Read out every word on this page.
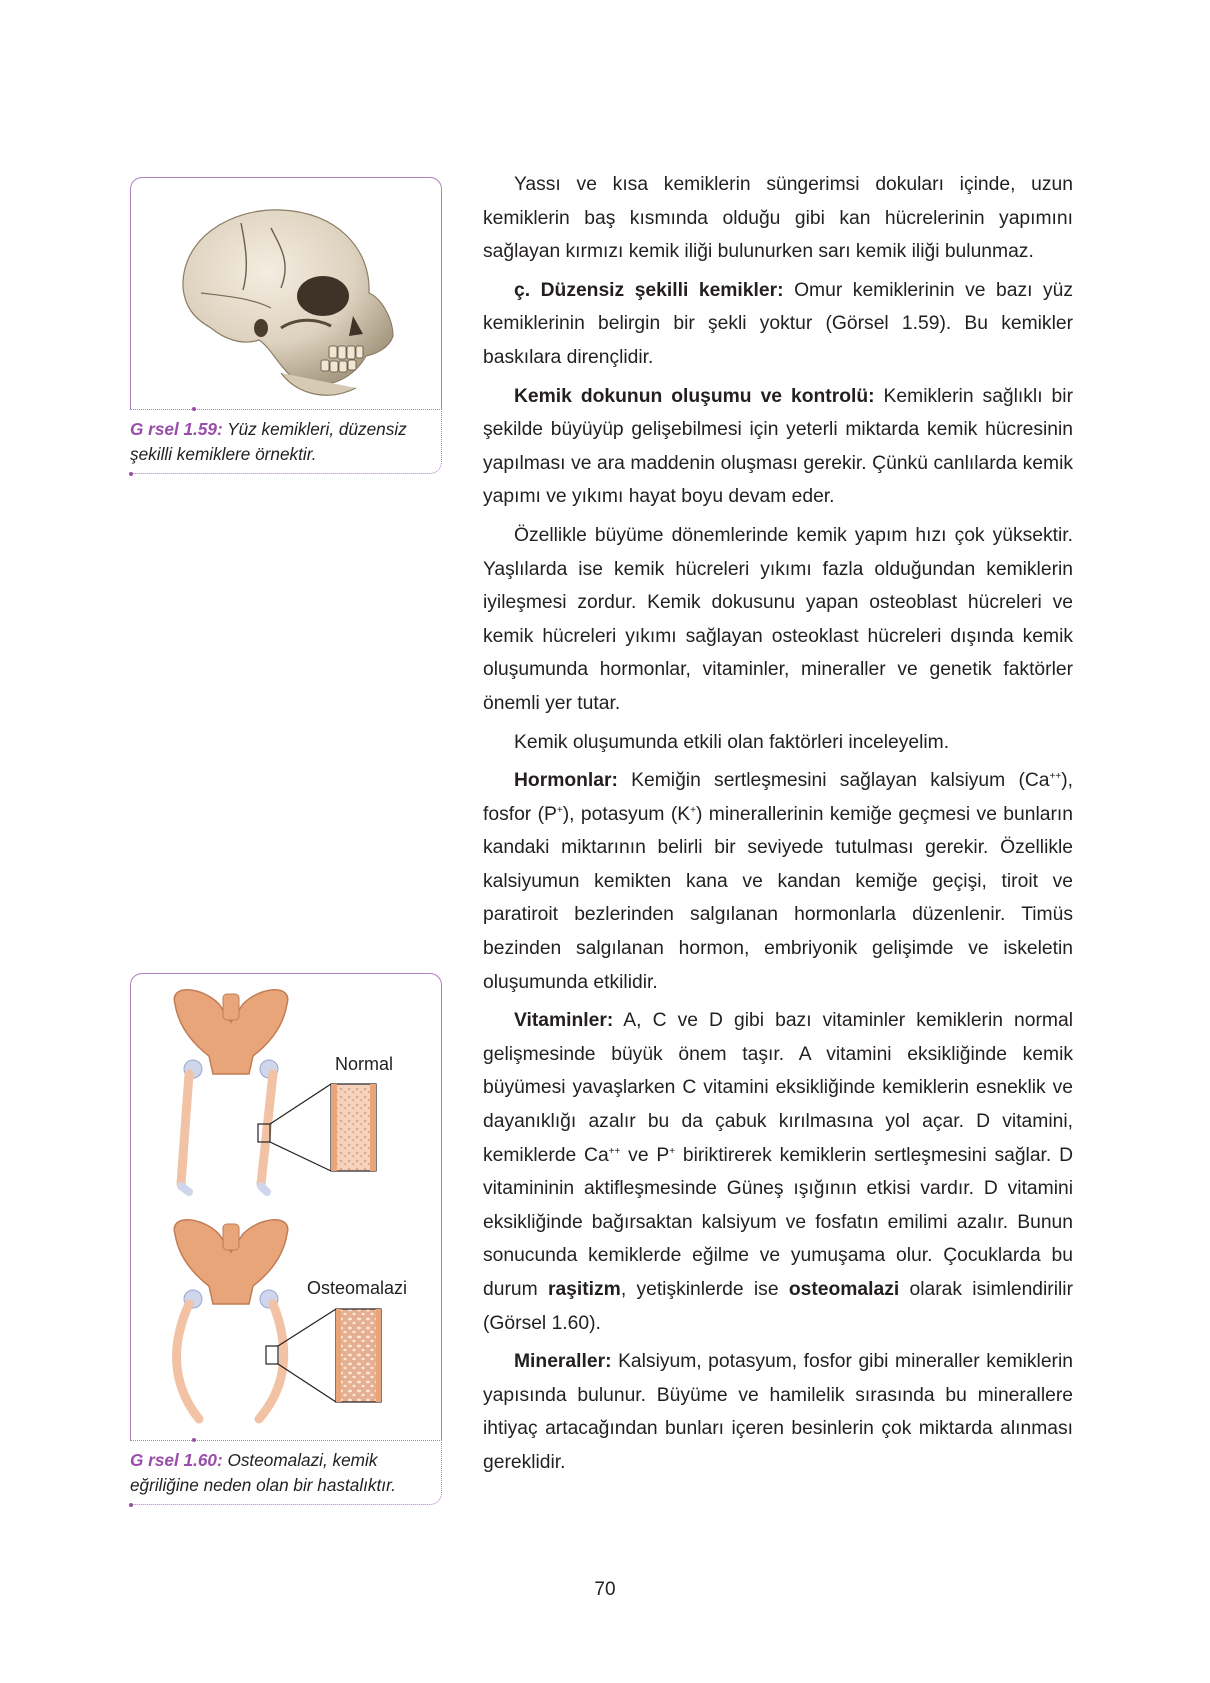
G rsel 1.59: Yüz kemikleri, düzensiz şekilli kemiklere örnektir.
Normal
Osteomalazi
G rsel 1.60: Osteomalazi, kemik eğriliğine neden olan bir hastalıktır.

Yassı ve kısa kemiklerin süngerimsi dokuları içinde, uzun kemiklerin baş kısmında olduğu gibi kan hücrelerinin yapımını sağlayan kırmızı kemik iliği bulunurken sarı kemik iliği bulunmaz.

ç. Düzensiz şekilli kemikler: Omur kemiklerinin ve bazı yüz kemiklerinin belirgin bir şekli yoktur (Görsel 1.59). Bu kemikler baskılara dirençlidir.

Kemik dokunun oluşumu ve kontrolü: Kemiklerin sağlıklı bir şekilde büyüyüp gelişebilmesi için yeterli miktarda kemik hücresinin yapılması ve ara maddenin oluşması gerekir. Çünkü canlılarda kemik yapımı ve yıkımı hayat boyu devam eder.

Özellikle büyüme dönemlerinde kemik yapım hızı çok yüksektir. Yaşlılarda ise kemik hücreleri yıkımı fazla olduğundan kemiklerin iyileşmesi zordur. Kemik dokusunu yapan osteoblast hücreleri ve kemik hücreleri yıkımı sağlayan osteoklast hücreleri dışında kemik oluşumunda hormonlar, vitaminler, mineraller ve genetik faktörler önemli yer tutar.

Kemik oluşumunda etkili olan faktörleri inceleyelim.

Hormonlar: Kemiğin sertleşmesini sağlayan kalsiyum (Ca++), fosfor (P+), potasyum (K+) minerallerinin kemiğe geçmesi ve bunların kandaki miktarının belirli bir seviyede tutulması gerekir. Özellikle kalsiyumun kemikten kana ve kandan kemiğe geçişi, tiroit ve paratiroit bezlerinden salgılanan hormonlarla düzenlenir. Timüs bezinden salgılanan hormon, embriyonik gelişimde ve iskeletin oluşumunda etkilidir.

Vitaminler: A, C ve D gibi bazı vitaminler kemiklerin normal gelişmesinde büyük önem taşır. A vitamini eksikliğinde kemik büyümesi yavaşlarken C vitamini eksikliğinde kemiklerin esneklik ve dayanıklığı azalır bu da çabuk kırılmasına yol açar. D vitamini, kemiklerde Ca++ ve P+ biriktirerek kemiklerin sertleşmesini sağlar. D vitamininin aktifleşmesinde Güneş ışığının etkisi vardır. D vitamini eksikliğinde bağırsaktan kalsiyum ve fosfatın emilimi azalır. Bunun sonucunda kemiklerde eğilme ve yumuşama olur. Çocuklarda bu durum raşitizm, yetişkinlerde ise osteomalazi olarak isimlendirilir (Görsel 1.60).

Mineraller: Kalsiyum, potasyum, fosfor gibi mineraller kemiklerin yapısında bulunur. Büyüme ve hamilelik sırasında bu minerallere ihtiyaç artacağından bunları içeren besinlerin çok miktarda alınması gereklidir.

70
